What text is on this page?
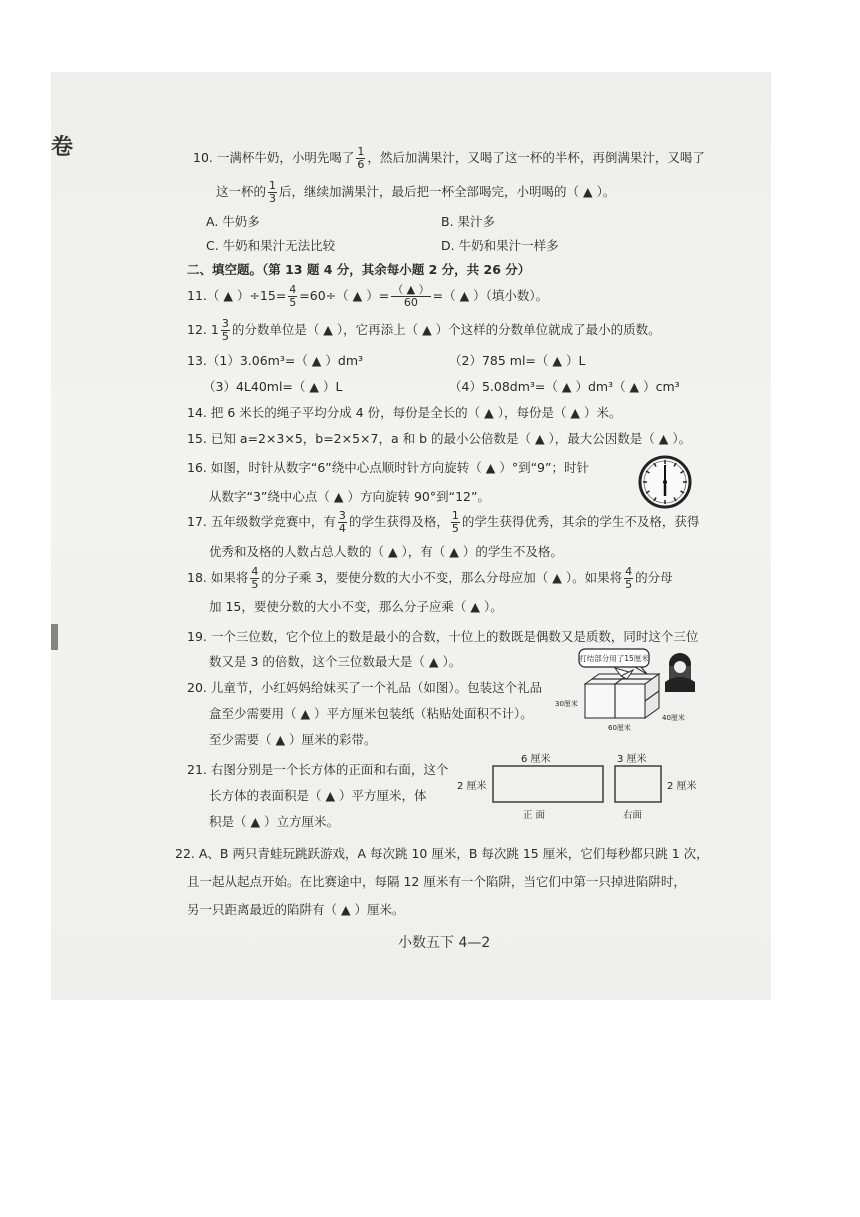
卷	10. 一满杯牛奶，小明先喝了 $\frac{1}{6}$ ，然后加满果汁，又喝了这一杯的半杯，再倒满果汁，又喝了
这一杯的 $\frac{1}{3}$ 后，继续加满果汁，最后把一杯全部喝完，小明喝的（ ▲ ）。
A. 牛奶多	B. 果汁多
C. 牛奶和果汁无法比较	D. 牛奶和果汁一样多
二、填空题。（第 13 题 4 分，其余每小题 2 分，共 26 分）
11.（ ▲ ）$\div 15= \frac{4}{5} =60\div$（ ▲ ）= $\frac{( ▲ )}{60}$ =（ ▲ ）（填小数）。
12. $1 \frac{3}{5}$ 的分数单位是（ ▲ ），它再添上（ ▲ ）个这样的分数单位就成了最小的质数。
13.（1）3.06m³=（ ▲ ）dm³	（2）785 ml=（ ▲ ）L
（3）4L40ml=（ ▲ ）L	（4）5.08dm³=（ ▲ ）dm³（ ▲ ）cm³
14. 把 6 米长的绳子平均分成 4 份，每份是全长的（ ▲ ），每份是（ ▲ ）米。
15. 已知 a=2×3×5，b=2×5×7，a 和 b 的最小公倍数是（ ▲ ），最大公因数是（ ▲ ）。
16. 如图，时针从数字“6”绕中心点顺时针方向旋转（ ▲ ）°到“9”；时针
从数字“3”绕中心点（ ▲ ）方向旋转 90°到“12”。
17. 五年级数学竞赛中，有 $\frac{3}{4}$ 的学生获得及格， $\frac{1}{5}$ 的学生获得优秀，其余的学生不及格，获得
优秀和及格的人数占总人数的（ ▲ ），有（ ▲ ）的学生不及格。
18. 如果将 $\frac{4}{5}$ 的分子乘 3，要使分数的大小不变，那么分母应加（ ▲ ）。如果将 $\frac{4}{5}$ 的分母
加 15，要使分数的大小不变，那么分子应乘（ ▲ ）。
19. 一个三位数，它个位上的数是最小的合数，十位上的数既是偶数又是质数，同时这个三位
数又是 3 的倍数，这个三位数最大是（ ▲ ）。
20. 儿童节，小红妈妈给妹买了一个礼品（如图）。包装这个礼品
盒至少需要用（ ▲ ）平方厘米包装纸（粘贴处面积不计）。
至少需要（ ▲ ）厘米的彩带。
打结部分用了15厘米
30厘米
60厘米
40厘米
21. 右图分别是一个长方体的正面和右面，这个
长方体的表面积是（ ▲ ）平方厘米，体
积是（ ▲ ）立方厘米。
6 厘米
2 厘米
正 面
3 厘米
2 厘米
右面
22. A、B 两只青蛙玩跳跃游戏，A 每次跳 10 厘米，B 每次跳 15 厘米，它们每秒都只跳 1 次，
且一起从起点开始。在比赛途中，每隔 12 厘米有一个陷阱，当它们中第一只掉进陷阱时，
另一只距离最近的陷阱有（ ▲ ）厘米。
小数五下 4—2
